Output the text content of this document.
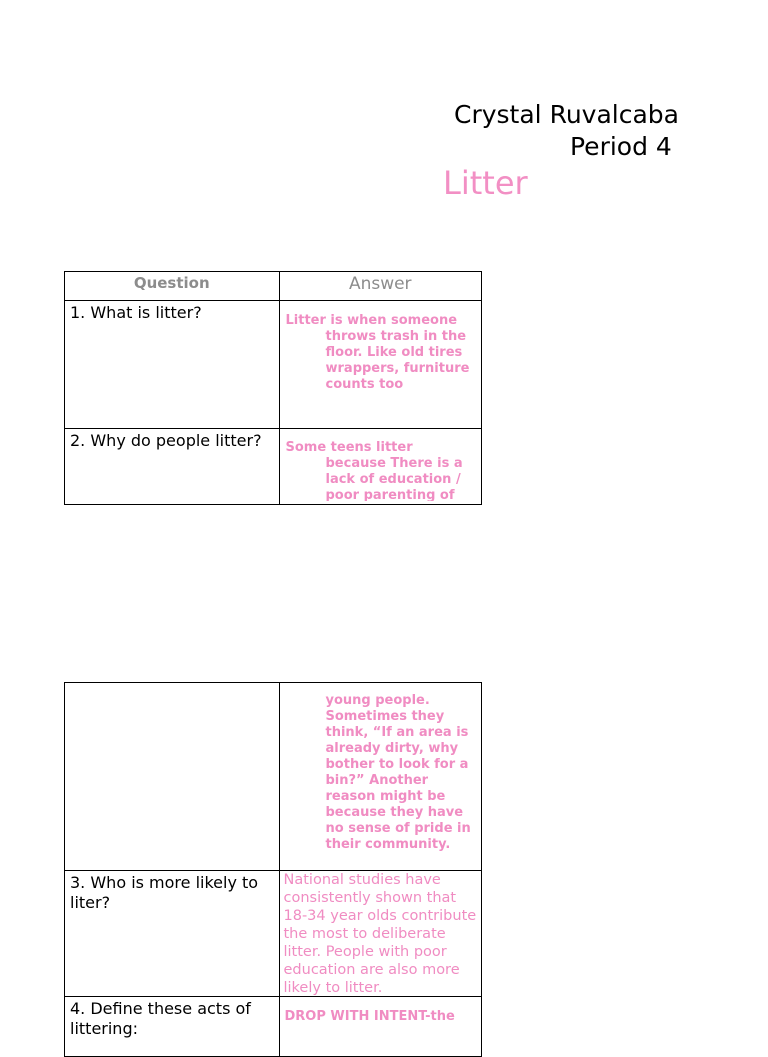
Crystal Ruvalcaba
Period 4
Litter
Question	Answer
1. What is litter?	Litter is when someone throws trash in the floor. Like old tires wrappers, furniture counts too

2. Why do people litter?	Some teens litter because There is a lack of education / poor parenting of

	young people. Sometimes they think, “If an area is already dirty, why bother to look for a bin?” Another reason might be because they have no sense of pride in their community.

3. Who is more likely to liter?	National studies have consistently shown that 18-34 year olds contribute the most to deliberate litter. People with poor education are also more likely to litter.

4. Define these acts of littering:	DROP WITH INTENT-the
